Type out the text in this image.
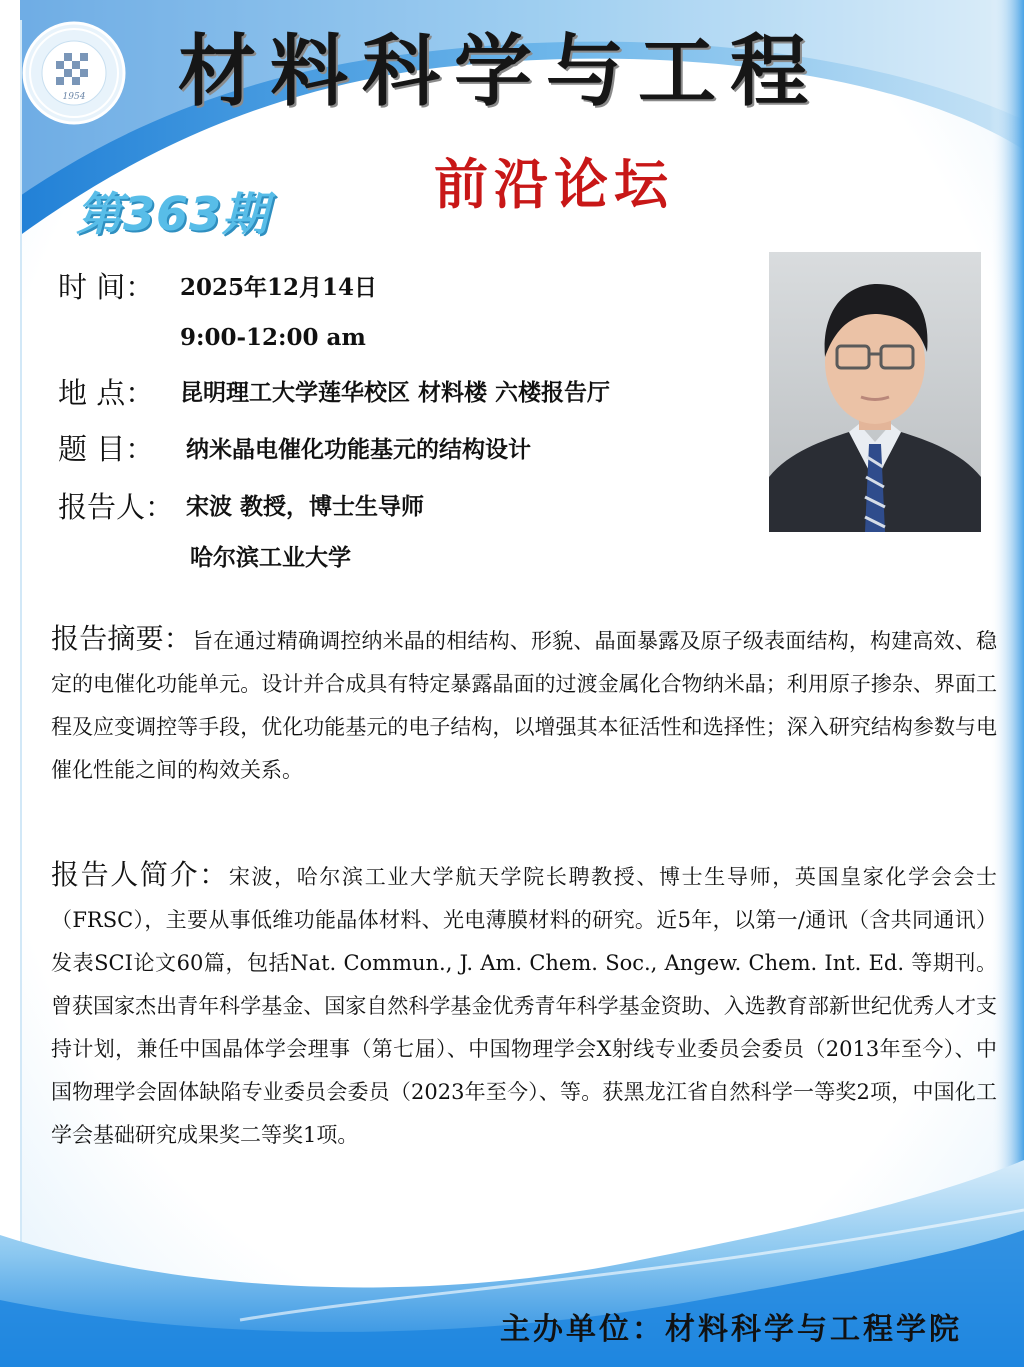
1954 材料科学与工程
前沿论坛
第363期
时 间： 2025年12月14日
9:00-12:00 am
地 点： 昆明理工大学莲华校区 材料楼 六楼报告厅
题 目： 纳米晶电催化功能基元的结构设计
报告人： 宋波 教授，博士生导师
哈尔滨工业大学

报告摘要：旨在通过精确调控纳米晶的相结构、形貌、晶面暴露及原子级表面结构，构建高效、稳定的电催化功能单元。设计并合成具有特定暴露晶面的过渡金属化合物纳米晶；利用原子掺杂、界面工程及应变调控等手段，优化功能基元的电子结构，以增强其本征活性和选择性；深入研究结构参数与电催化性能之间的构效关系。

报告人简介：宋波，哈尔滨工业大学航天学院长聘教授、博士生导师，英国皇家化学会会士（FRSC），主要从事低维功能晶体材料、光电薄膜材料的研究。近5年，以第一/通讯（含共同通讯）发表SCI论文60篇，包括Nat. Commun., J. Am. Chem. Soc., Angew. Chem. Int. Ed. 等期刊。曾获国家杰出青年科学基金、国家自然科学基金优秀青年科学基金资助、入选教育部新世纪优秀人才支持计划，兼任中国晶体学会理事（第七届）、中国物理学会X射线专业委员会委员（2013年至今）、中国物理学会固体缺陷专业委员会委员（2023年至今）、等。获黑龙江省自然科学一等奖2项，中国化工学会基础研究成果奖二等奖1项。

主办单位：材料科学与工程学院
